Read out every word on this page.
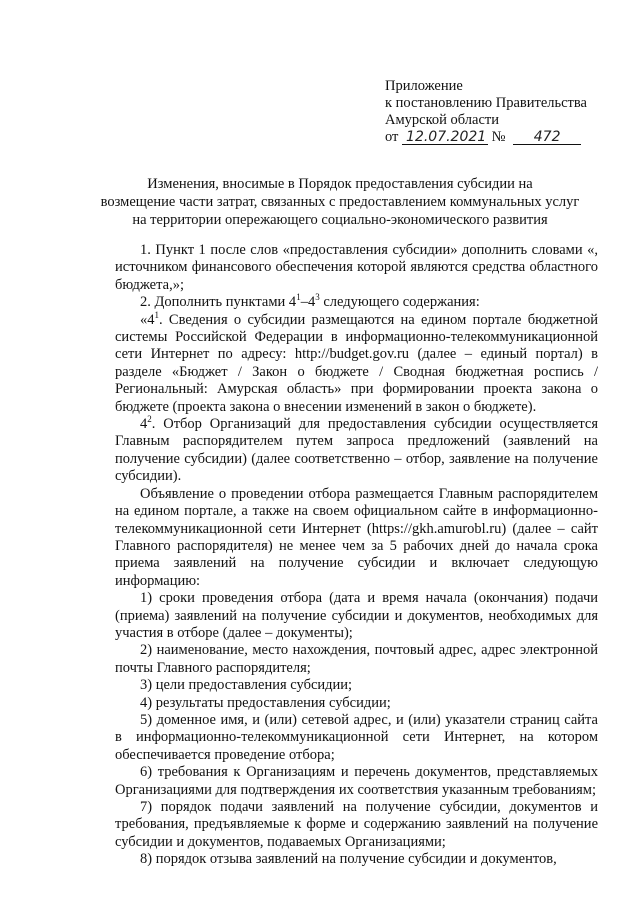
Приложение
к постановлению Правительства
Амурской области
от 12.07.2021 № 472
Изменения, вносимые в Порядок предоставления субсидии на
возмещение части затрат, связанных с предоставлением коммунальных услуг
на территории опережающего социально-экономического развития

1. Пункт 1 после слов «предоставления субсидии» дополнить словами «, источником финансового обеспечения которой являются средства областного бюджета,»;

2. Дополнить пунктами $4^1-4^3$ следующего содержания:

«$4^1$. Сведения о субсидии размещаются на едином портале бюджетной системы Российской Федерации в информационно-телекоммуникационной сети Интернет по адресу: http://budget.gov.ru (далее – единый портал) в разделе «Бюджет / Закон о бюджете / Сводная бюджетная роспись / Региональный: Амурская область» при формировании проекта закона о бюджете (проекта закона о внесении изменений в закон о бюджете).

$4^2$. Отбор Организаций для предоставления субсидии осуществляется Главным распорядителем путем запроса предложений (заявлений на получение субсидии) (далее соответственно – отбор, заявление на получение субсидии).

Объявление о проведении отбора размещается Главным распорядителем на едином портале, а также на своем официальном сайте в информационно-телекоммуникационной сети Интернет (https://gkh.amurobl.ru) (далее – сайт Главного распорядителя) не менее чем за 5 рабочих дней до начала срока приема заявлений на получение субсидии и включает следующую информацию:

1) сроки проведения отбора (дата и время начала (окончания) подачи (приема) заявлений на получение субсидии и документов, необходимых для участия в отборе (далее – документы);

2) наименование, место нахождения, почтовый адрес, адрес электронной почты Главного распорядителя;

3) цели предоставления субсидии;

4) результаты предоставления субсидии;

5) доменное имя, и (или) сетевой адрес, и (или) указатели страниц сайта в информационно-телекоммуникационной сети Интернет, на котором обеспечивается проведение отбора;

6) требования к Организациям и перечень документов, представляемых Организациями для подтверждения их соответствия указанным требованиям;

7) порядок подачи заявлений на получение субсидии, документов и требования, предъявляемые к форме и содержанию заявлений на получение субсидии и документов, подаваемых Организациями;

8) порядок отзыва заявлений на получение субсидии и документов,
